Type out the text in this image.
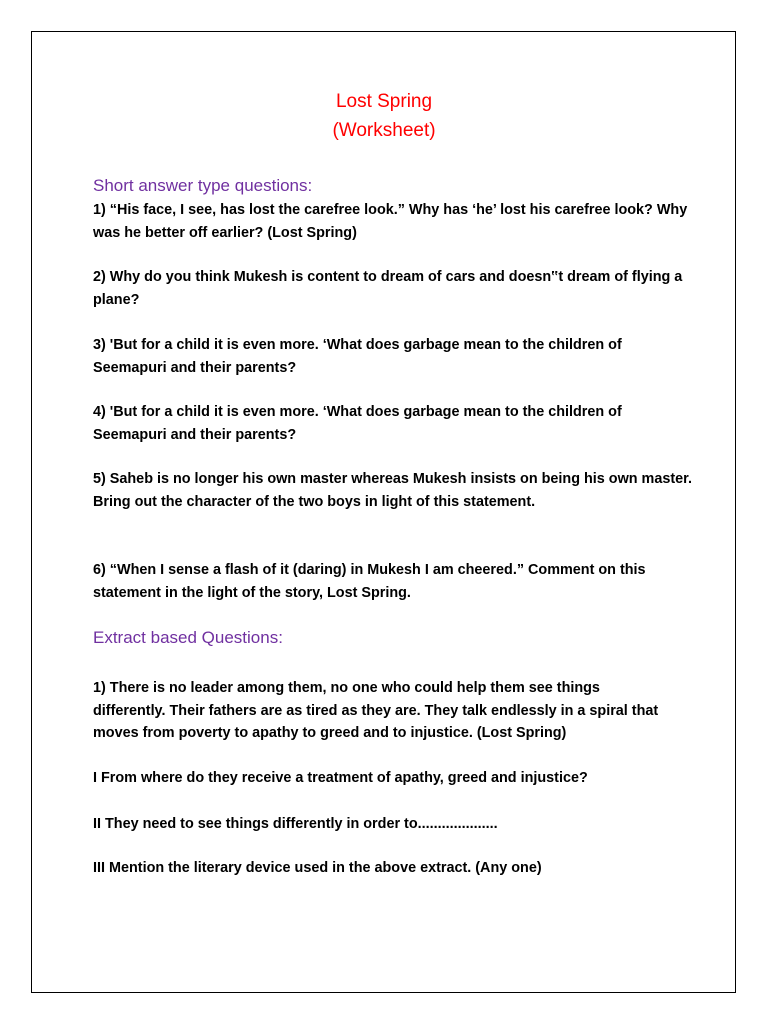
Lost Spring
(Worksheet)
Short answer type questions:
1) “His face, I see, has lost the carefree look.” Why has ‘he’ lost his carefree look? Why was he better off earlier? (Lost Spring)
2) Why do you think Mukesh is content to dream of cars and doesn‟t dream of flying a plane?
3) 'But for a child it is even more. ‘What does garbage mean to the children of Seemapuri and their parents?
4) 'But for a child it is even more. ‘What does garbage mean to the children of Seemapuri and their parents?
5) Saheb is no longer his own master whereas Mukesh insists on being his own master. Bring out the character of the two boys in light of this statement.
6) “When I sense a flash of it (daring) in Mukesh I am cheered.” Comment on this statement in the light of the story, Lost Spring.
Extract based Questions:
1) There is no leader among them, no one who could help them see things differently. Their fathers are as tired as they are. They talk endlessly in a spiral that moves from poverty to apathy to greed and to injustice. (Lost Spring)
I From where do they receive a treatment of apathy, greed and injustice?
II They need to see things differently in order to....................
III Mention the literary device used in the above extract. (Any one)
